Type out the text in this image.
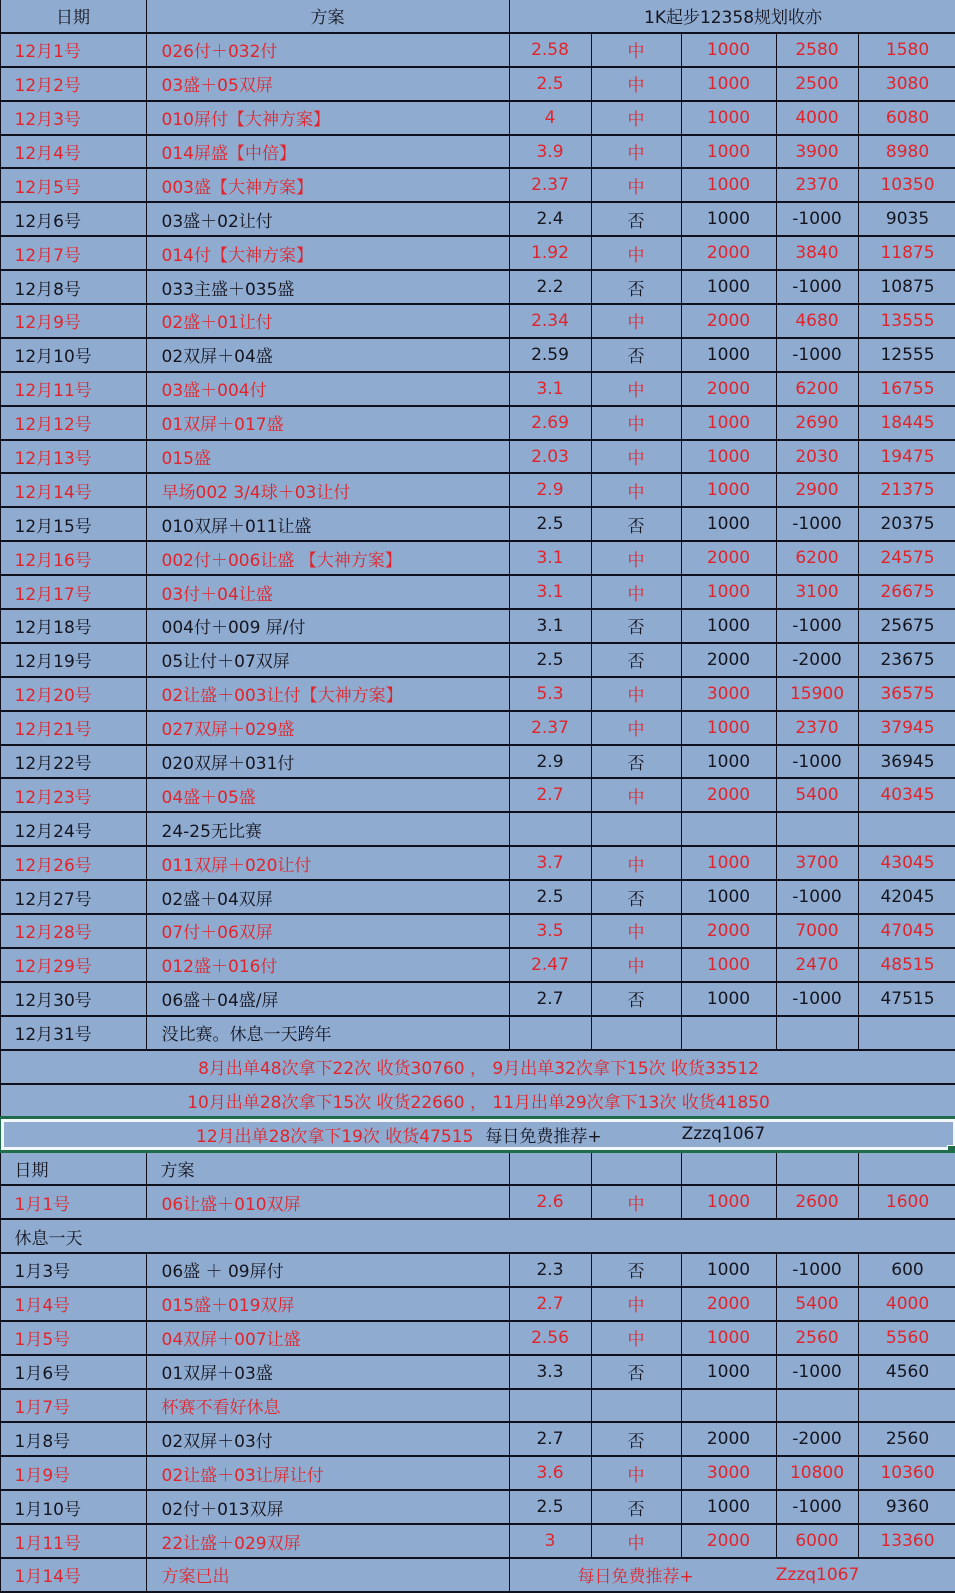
日期	方案	1K起步12358规划收亦				
12月1号	026付＋032付	2.58	中	1000	2580	1580
12月2号	03盛＋05双屏	2.5	中	1000	2500	3080
12月3号	010屏付【大神方案】	4	中	1000	4000	6080
12月4号	014屏盛【中倍】	3.9	中	1000	3900	8980
12月5号	003盛【大神方案】	2.37	中	1000	2370	10350
12月6号	03盛＋02让付	2.4	否	1000	-1000	9035
12月7号	014付【大神方案】	1.92	中	2000	3840	11875
12月8号	033主盛＋035盛	2.2	否	1000	-1000	10875
12月9号	02盛＋01让付	2.34	中	2000	4680	13555
12月10号	02双屏＋04盛	2.59	否	1000	-1000	12555
12月11号	03盛＋004付	3.1	中	2000	6200	16755
12月12号	01双屏＋017盛	2.69	中	1000	2690	18445
12月13号	015盛	2.03	中	1000	2030	19475
12月14号	早场002 3/4球＋03让付	2.9	中	1000	2900	21375
12月15号	010双屏＋011让盛	2.5	否	1000	-1000	20375
12月16号	002付＋006让盛 【大神方案】	3.1	中	2000	6200	24575
12月17号	03付＋04让盛	3.1	中	1000	3100	26675
12月18号	004付＋009 屏/付	3.1	否	1000	-1000	25675
12月19号	05让付＋07双屏	2.5	否	2000	-2000	23675
12月20号	02让盛＋003让付【大神方案】	5.3	中	3000	15900	36575
12月21号	027双屏＋029盛	2.37	中	1000	2370	37945
12月22号	020双屏＋031付	2.9	否	1000	-1000	36945
12月23号	04盛＋05盛	2.7	中	2000	5400	40345
12月24号	24-25无比赛					
12月26号	011双屏＋020让付	3.7	中	1000	3700	43045
12月27号	02盛＋04双屏	2.5	否	1000	-1000	42045
12月28号	07付＋06双屏	3.5	中	2000	7000	47045
12月29号	012盛＋016付	2.47	中	1000	2470	48515
12月30号	06盛＋04盛/屏	2.7	否	1000	-1000	47515
12月31号	没比赛。休息一天跨年					
8月出单48次拿下22次 收货30760 ， 9月出单32次拿下15次 收货33512						
10月出单28次拿下15次 收货22660 ， 11月出单29次拿下13次 收货41850						

12月出单28次拿下19次 收货47515 每日免费推荐+ Zzzq1067						

日期	方案					
1月1号	06让盛＋010双屏	2.6	中	1000	2600	1600
休息一天						
1月3号	06盛 ＋ 09屏付	2.3	否	1000	-1000	600
1月4号	015盛＋019双屏	2.7	中	2000	5400	4000
1月5号	04双屏＋007让盛	2.56	中	1000	2560	5560
1月6号	01双屏＋03盛	3.3	否	1000	-1000	4560
1月7号	杯赛不看好休息					
1月8号	02双屏＋03付	2.7	否	2000	-2000	2560
1月9号	02让盛＋03让屏让付	3.6	中	3000	10800	10360
1月10号	02付＋013双屏	2.5	否	1000	-1000	9360
1月11号	22让盛＋029双屏	3	中	2000	6000	13360
1月14号	方案已出	每日免费推荐+ Zzzq1067				
